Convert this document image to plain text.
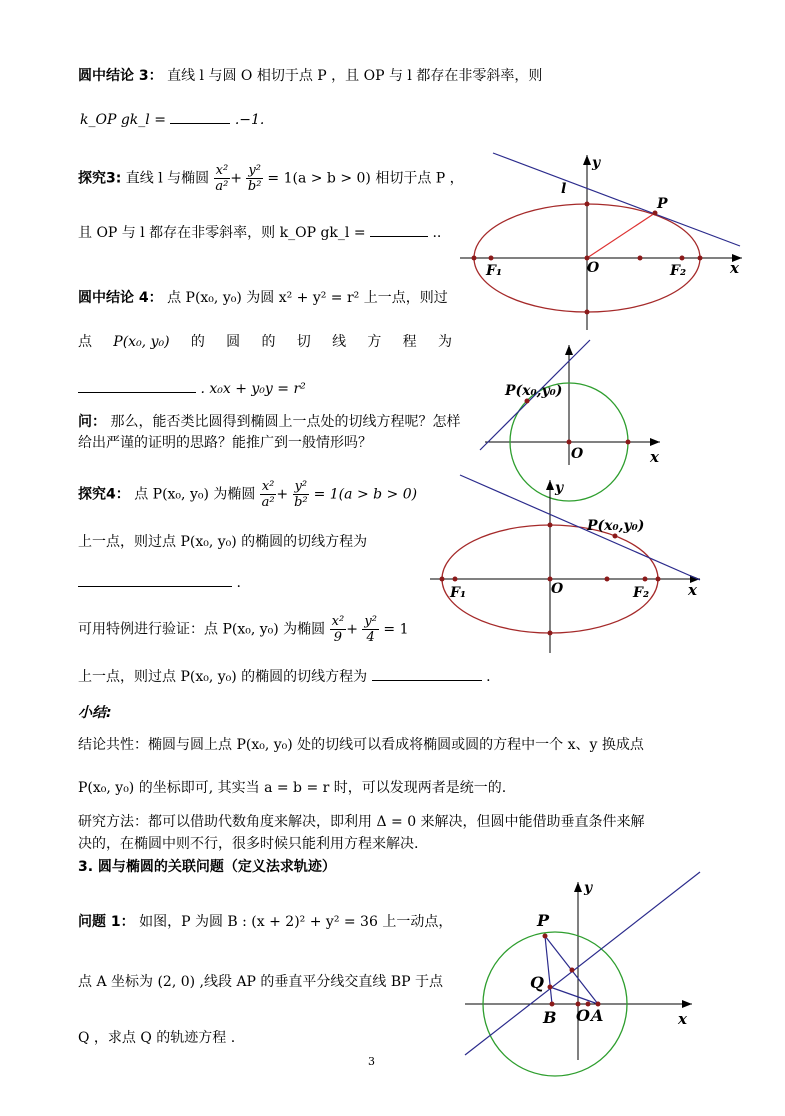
圆中结论 3： 直线 l 与圆 O 相切于点 P ，且 OP 与 l 都存在非零斜率，则
k_OP gk_l =	.−1.
探究3: 直线 l 与椭圆 $\frac{\text{x²}}{\text{a²}} + \frac{\text{y²}}{\text{b²}} = 1(a > b > 0)$ 相切于点 P ，
且 OP 与 l 都存在非零斜率，则 k_OP gk_l =	..
圆中结论 4： 点 P(x₀, y₀) 为圆 x² + y² = r² 上一点，则过
点 P(x₀, y₀) 的 圆 的 切 线 方 程 为
. x₀x + y₀y = r²
问： 那么，能否类比圆得到椭圆上一点处的切线方程呢？怎样
给出严谨的证明的思路？能推广到一般情形吗？
探究4： 点 P(x₀, y₀) 为椭圆 $\frac{\text{x²}}{\text{a²}} + \frac{\text{y²}}{\text{b²}} = 1(a > b > 0)$
上一点，则过点 P(x₀, y₀) 的椭圆的切线方程为
.
可用特例进行验证：点 P(x₀, y₀) 为椭圆 $\frac{\text{x²}}{9} + \frac{\text{y²}}{4} = 1$
上一点，则过点 P(x₀, y₀) 的椭圆的切线方程为	.
小结:
结论共性：椭圆与圆上点 P(x₀, y₀) 处的切线可以看成将椭圆或圆的方程中一个 x、y 换成点
P(x₀, y₀) 的坐标即可, 其实当 a = b = r 时，可以发现两者是统一的.
研究方法：都可以借助代数角度来解决，即利用 Δ = 0 来解决，但圆中能借助垂直条件来解
决的，在椭圆中则不行，很多时候只能利用方程来解决.
3. 圆与椭圆的关联问题（定义法求轨迹）
问题 1： 如图，P 为圆 B : (x + 2)² + y² = 36 上一动点，
点 A 坐标为 (2, 0) ,线段 AP 的垂直平分线交直线 BP 于点
Q ，求点 Q 的轨迹方程 .
3
y
x
O
P
l
F₁	F₂
P(x₀,y₀)
O	x
y
x
O
P(x₀,y₀)
F₁	F₂
y
x
P
Q
B O A
